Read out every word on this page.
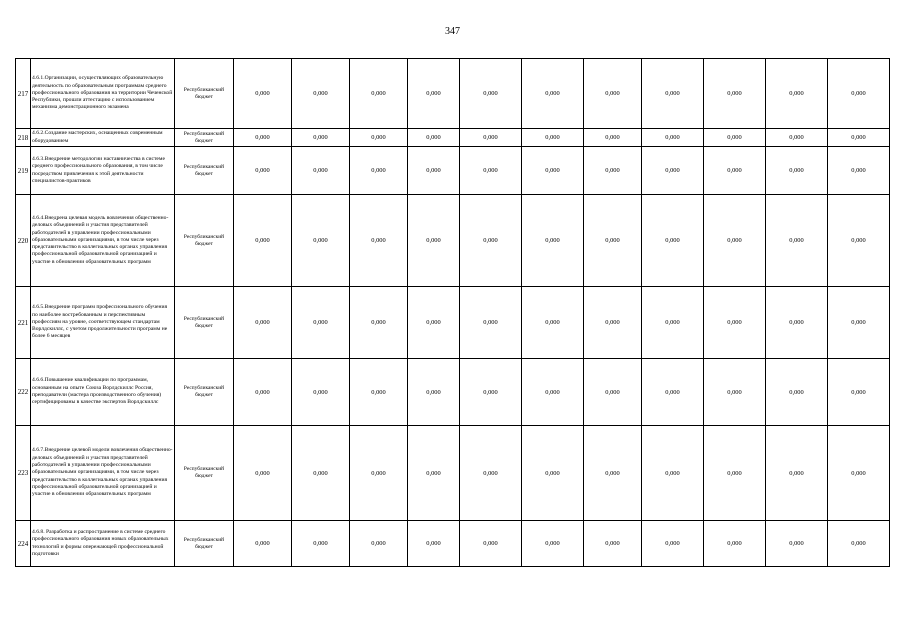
347
217	4.6.1.Организации, осуществляющих образовательную деятельность по образовательным программам среднего профессионального образования на территории Чеченской Республики, прошли аттестацию с использованием механизма демонстрационного экзамена	Республиканский бюджет	0,000	0,000	0,000	0,000	0,000	0,000	0,000	0,000	0,000	0,000	0,000
218	4.6.2.Создание мастерских, оснащенных современным оборудованием	Республиканский бюджет	0,000	0,000	0,000	0,000	0,000	0,000	0,000	0,000	0,000	0,000	0,000
219	4.6.3.Внедрение методологии наставничества в системе среднего профессионального образования, в том числе посредством привлечения к этой деятельности специалистов-практиков	Республиканский бюджет	0,000	0,000	0,000	0,000	0,000	0,000	0,000	0,000	0,000	0,000	0,000
220	4.6.4.Внедрена целевая модель вовлечения общественно-деловых объединений и участия представителей работодателей в управлении профессиональными образовательными организациями, в том числе через представительство в коллегиальных органах управления профессиональной образовательной организацией и участие в обновлении образовательных программ	Республиканский бюджет	0,000	0,000	0,000	0,000	0,000	0,000	0,000	0,000	0,000	0,000	0,000
221	4.6.5.Внедрение программ профессионального обучения по наиболее востребованным и перспективным профессиям на уровне, соответствующем стандартам Ворлдскиллс, с учетом продолжительности программ не более 6 месяцев	Республиканский бюджет	0,000	0,000	0,000	0,000	0,000	0,000	0,000	0,000	0,000	0,000	0,000
222	4.6.6.Повышение квалификации по программам, основанным на опыте Союза Ворлдскиллс Россия, преподаватели (мастера производственного обучения) сертифицированы в качестве экспертов Ворлдскиллс	Республиканский бюджет	0,000	0,000	0,000	0,000	0,000	0,000	0,000	0,000	0,000	0,000	0,000
223	4.6.7.Внедрение целевой модели вовлечения общественно-деловых объединений и участия представителей работодателей в управлении профессиональными образовательными организациями, в том числе через представительство в коллегиальных органах управления профессиональной образовательной организацией и участие в обновлении образовательных программ	Республиканский бюджет	0,000	0,000	0,000	0,000	0,000	0,000	0,000	0,000	0,000	0,000	0,000
224	4.6.8. Разработка и распространение в системе среднего профессионального образования новых образовательных технологий и формы опережающей профессиональной подготовки	Республиканский бюджет	0,000	0,000	0,000	0,000	0,000	0,000	0,000	0,000	0,000	0,000	0,000
